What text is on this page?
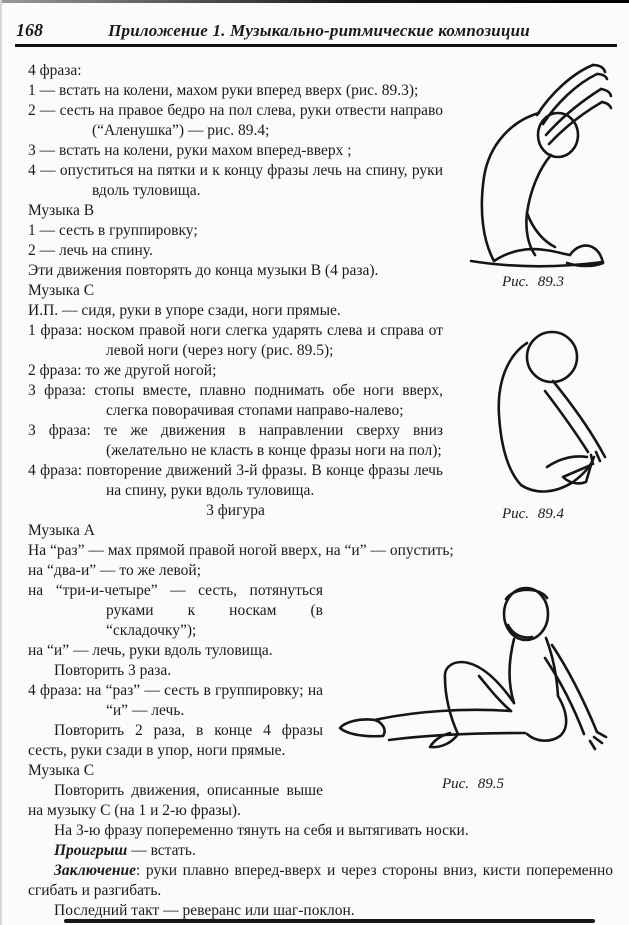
168	Приложение 1. Музыкально-ритмические композиции
Рис. 89.3

4 фраза:

1 — встать на колени, махом руки вперед вверх (рис. 89.3);

2 — сесть на правое бедро на пол слева, руки отвести направо (“Аленушка”) — рис. 89.4;

3 — встать на колени, руки махом вперед-вверх ;

4 — опуститься на пятки и к концу фразы лечь на спину, руки вдоль туловища.

Музыка В

1 — сесть в группировку;

2 — лечь на спину.

Эти движения повторять до конца музыки В (4 раза).

Музыка С

И.П. — сидя, руки в упоре сзади, ноги прямые.

Рис. 89.4

1 фраза: носком правой ноги слегка ударять слева и справа от левой ноги (через ногу (рис. 89.5);

2 фраза: то же другой ногой;

3 фраза: стопы вместе, плавно поднимать обе ноги вверх, слегка поворачивая стопами направо-налево;

3 фраза: те же движения в направлении сверху вниз (желательно не класть в конце фразы ноги на пол);

4 фраза: повторение движений 3-й фразы. В конце фразы лечь на спину, руки вдоль туловища.

3 фигура

Музыка А

На “раз” — мах прямой правой ногой вверх, на “и” — опустить;

на “два-и” — то же левой;

Рис. 89.5

на “три-и-четыре” — сесть, потянуться руками к носкам (в “складочку”);

на “и” — лечь, руки вдоль туловища.

Повторить 3 раза.

4 фраза: на “раз” — сесть в группировку; на “и” — лечь.

Повторить 2 раза, в конце 4 фразы сесть, руки сзади в упор, ноги прямые.

Музыка С

Повторить движения, описанные выше на музыку С (на 1 и 2-ю фразы).

На 3-ю фразу попеременно тянуть на себя и вытягивать носки.

Проигрыш — встать.

Заключение: руки плавно вперед-вверх и через стороны вниз, кисти попеременно сгибать и разгибать.

Последний такт — реверанс или шаг-поклон.
